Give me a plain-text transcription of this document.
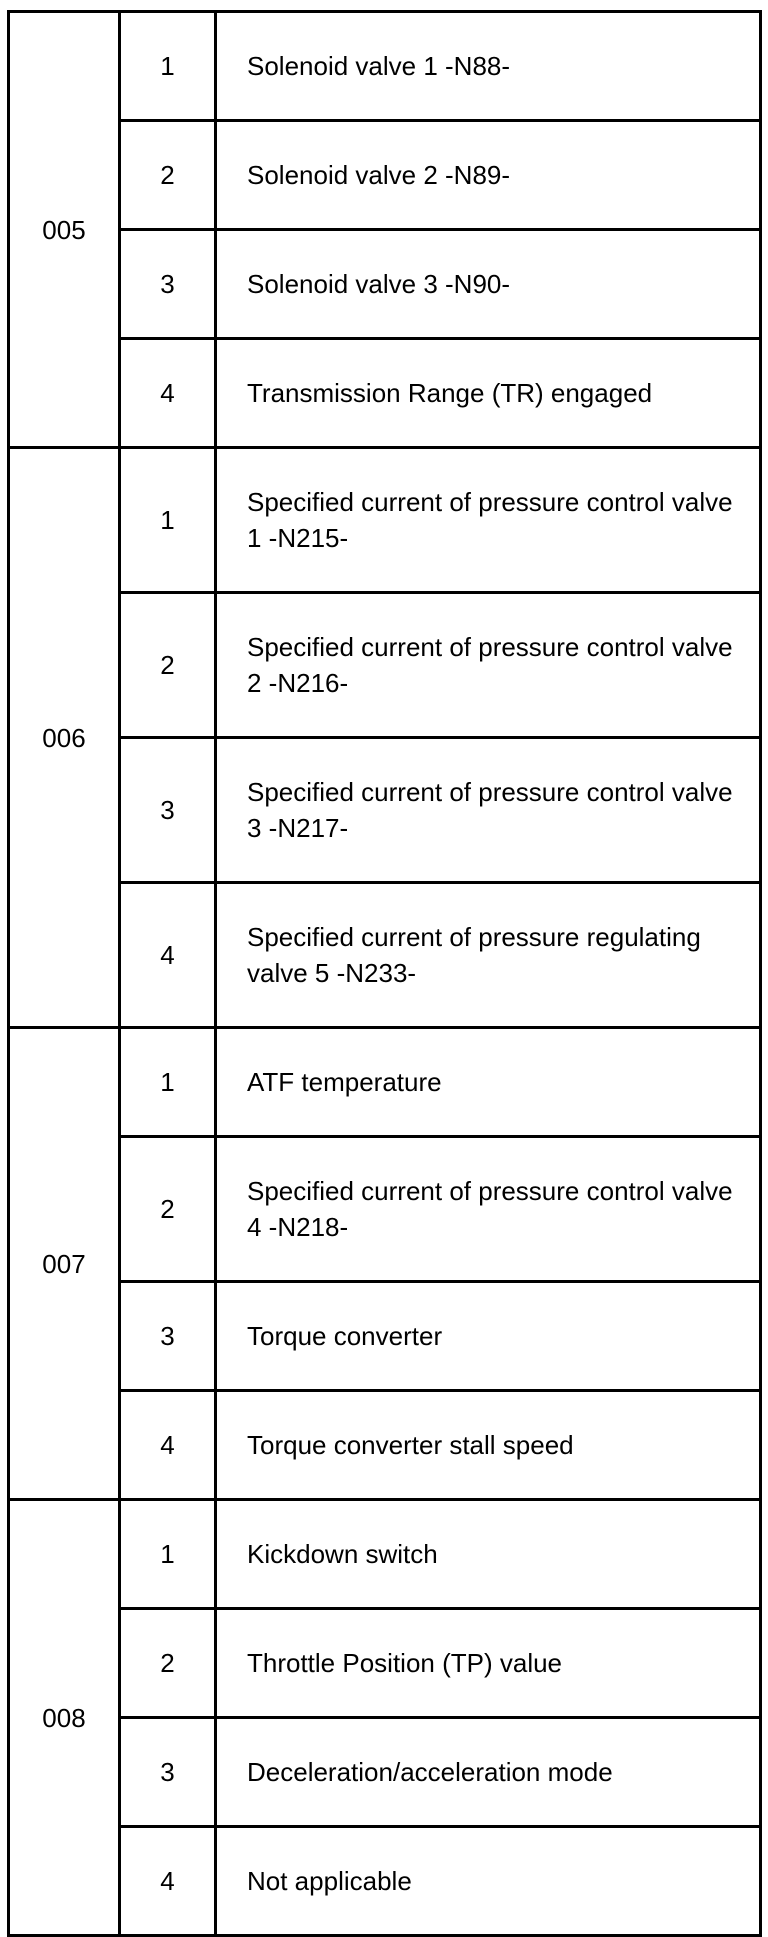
005	1	Solenoid valve 1 -N88-
	2	Solenoid valve 2 -N89-
	3	Solenoid valve 3 -N90-
	4	Transmission Range (TR) engaged
006	1	Specified current of pressure control valve 1 -N215-
	2	Specified current of pressure control valve 2 -N216-
	3	Specified current of pressure control valve 3 -N217-
	4	Specified current of pressure regulating valve 5 -N233-
007	1	ATF temperature
	2	Specified current of pressure control valve 4 -N218-
	3	Torque converter
	4	Torque converter stall speed
008	1	Kickdown switch
	2	Throttle Position (TP) value
	3	Deceleration/acceleration mode
	4	Not applicable
